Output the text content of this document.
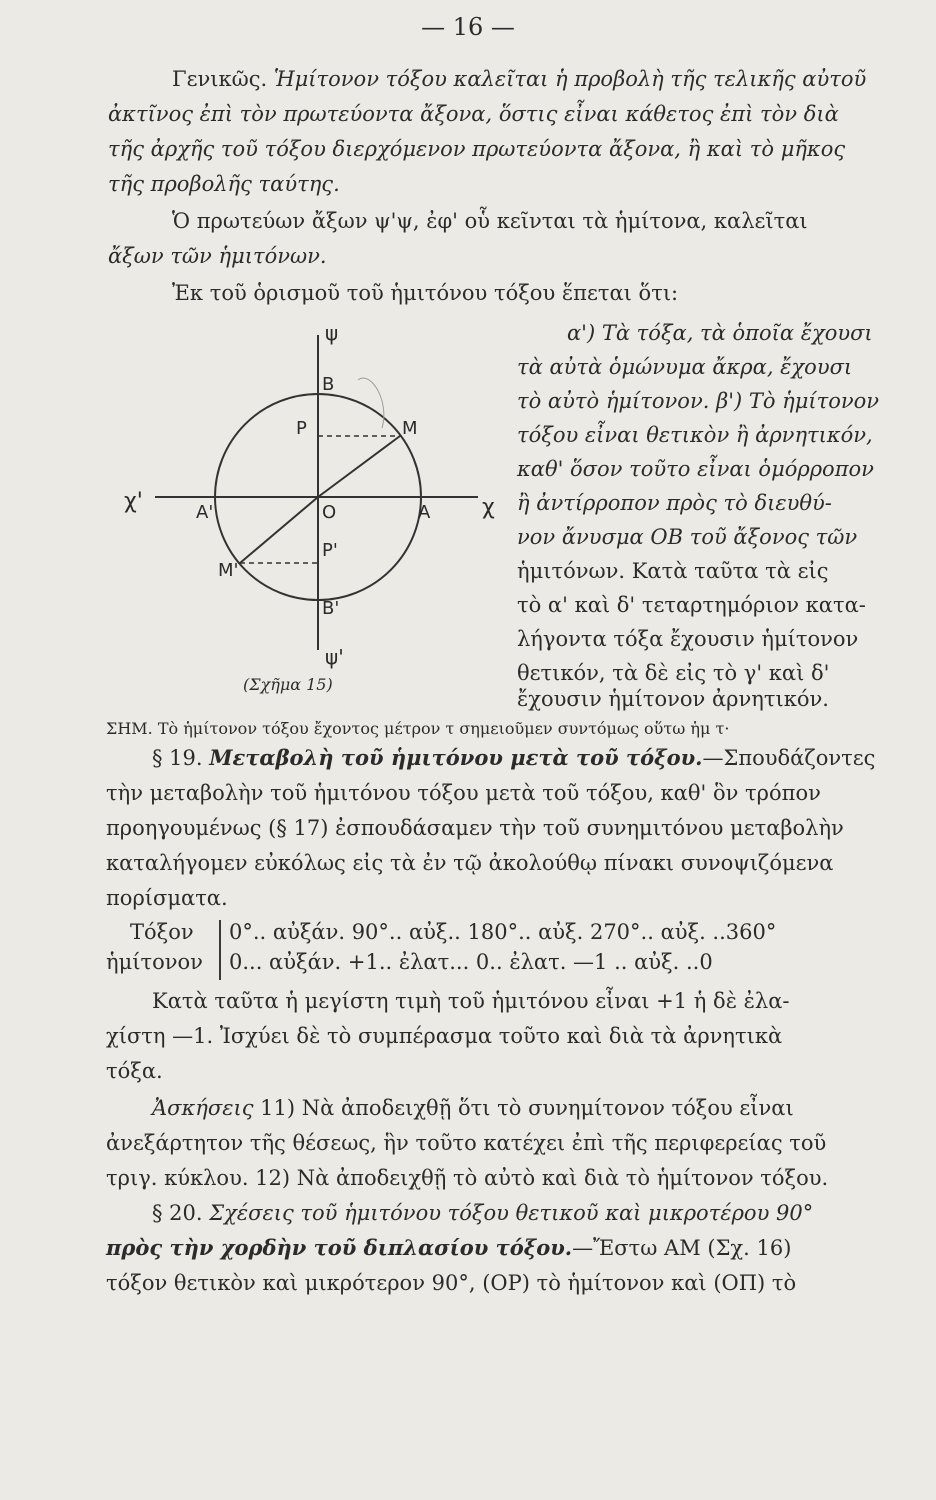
— 16 —
Γενικῶς. Ἡμίτονον τόξου καλεῖται ἡ προβολὴ τῆς τελικῆς αὐτοῦ
ἀκτῖνος ἐπὶ τὸν πρωτεύοντα ἄξονα, ὅστις εἶναι κάθετος ἐπὶ τὸν διὰ
τῆς ἀρχῆς τοῦ τόξου διερχόμενον πρωτεύοντα ἄξονα, ἢ καὶ τὸ μῆκος
τῆς προβολῆς ταύτης.
Ὁ πρωτεύων ἄξων ψ'ψ, ἐφ' οὗ κεῖνται τὰ ἡμίτονα, καλεῖται
ἄξων τῶν ἡμιτόνων.
Ἐκ τοῦ ὁρισμοῦ τοῦ ἡμιτόνου τόξου ἕπεται ὅτι:
ψ
ψ'
B
B'
P
P'
M
M'
O	A
A'	χ
χ'
(Σχῆμα 15)
α') Τὰ τόξα, τὰ ὁποῖα ἔχουσι
τὰ αὐτὰ ὁμώνυμα ἄκρα, ἔχουσι
τὸ αὐτὸ ἡμίτονον. β') Τὸ ἡμίτονον
τόξου εἶναι θετικὸν ἢ ἀρνητικόν,
καθ' ὅσον τοῦτο εἶναι ὁμόρροπον
ἢ ἀντίρροπον πρὸς τὸ διευθύ-
νον ἄνυσμα ΟΒ τοῦ ἄξονος τῶν
ἡμιτόνων. Κατὰ ταῦτα τὰ εἰς
τὸ α' καὶ δ' τεταρτημόριον κατα-
λήγοντα τόξα ἔχουσιν ἡμίτονον
θετικόν, τὰ δὲ εἰς τὸ γ' καὶ δ'
ἔχουσιν ἡμίτονον ἀρνητικόν.
ΣΗΜ. Τὸ ἡμίτονον τόξου ἔχοντος μέτρον τ σημειοῦμεν συντόμως οὕτω ἡμ τ·
§ 19. Μεταβολὴ τοῦ ἡμιτόνου μετὰ τοῦ τόξου.—Σπουδάζοντες
τὴν μεταβολὴν τοῦ ἡμιτόνου τόξου μετὰ τοῦ τόξου, καθ' ὃν τρόπον
προηγουμένως (§ 17) ἐσπουδάσαμεν τὴν τοῦ συνημιτόνου μεταβολὴν
καταλήγομεν εὐκόλως εἰς τὰ ἐν τῷ ἀκολούθῳ πίνακι συνοψιζόμενα
πορίσματα.
Τόξον
ἡμίτονον
0°.. αὐξάν. 90°.. αὐξ.. 180°.. αὐξ. 270°.. αὐξ. ..360°
0... αὐξάν. +1.. ἐλατ... 0.. ἐλατ. —1 .. αὐξ. ..0
Κατὰ ταῦτα ἡ μεγίστη τιμὴ τοῦ ἡμιτόνου εἶναι +1 ἡ δὲ ἐλα-
χίστη —1. Ἰσχύει δὲ τὸ συμπέρασμα τοῦτο καὶ διὰ τὰ ἀρνητικὰ
τόξα.
Ἀσκήσεις 11) Νὰ ἀποδειχθῇ ὅτι τὸ συνημίτονον τόξου εἶναι
ἀνεξάρτητον τῆς θέσεως, ἣν τοῦτο κατέχει ἐπὶ τῆς περιφερείας τοῦ
τριγ. κύκλου. 12) Νὰ ἀποδειχθῇ τὸ αὐτὸ καὶ διὰ τὸ ἡμίτονον τόξου.
§ 20. Σχέσεις τοῦ ἡμιτόνου τόξου θετικοῦ καὶ μικροτέρου 90°
πρὸς τὴν χορδὴν τοῦ διπλασίου τόξου.—Ἔστω ΑΜ (Σχ. 16)
τόξον θετικὸν καὶ μικρότερον 90°, (ΟΡ) τὸ ἡμίτονον καὶ (ΟΠ) τὸ
